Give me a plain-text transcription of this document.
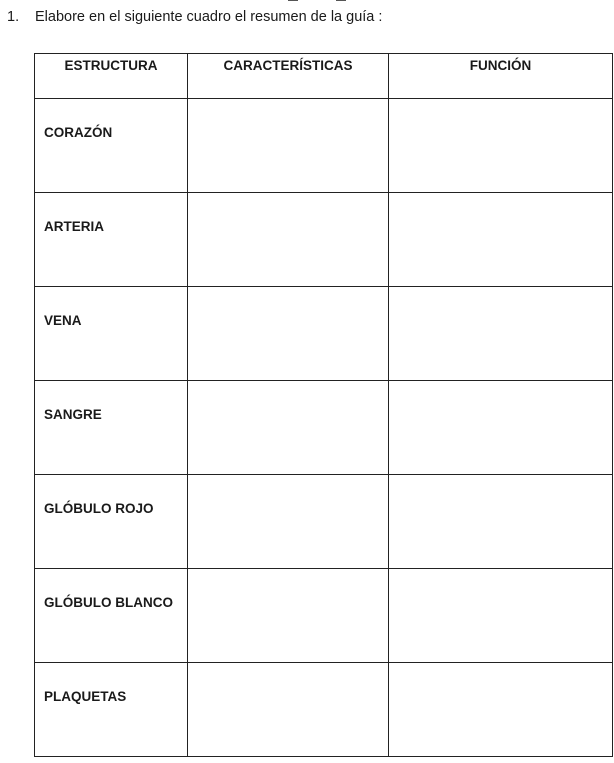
1. Elabore en el siguiente cuadro el resumen de la guía :
ESTRUCTURA	CARACTERÍSTICAS	FUNCIÓN
CORAZÓN		
ARTERIA		
VENA		
SANGRE		
GLÓBULO ROJO		
GLÓBULO BLANCO		
PLAQUETAS		
